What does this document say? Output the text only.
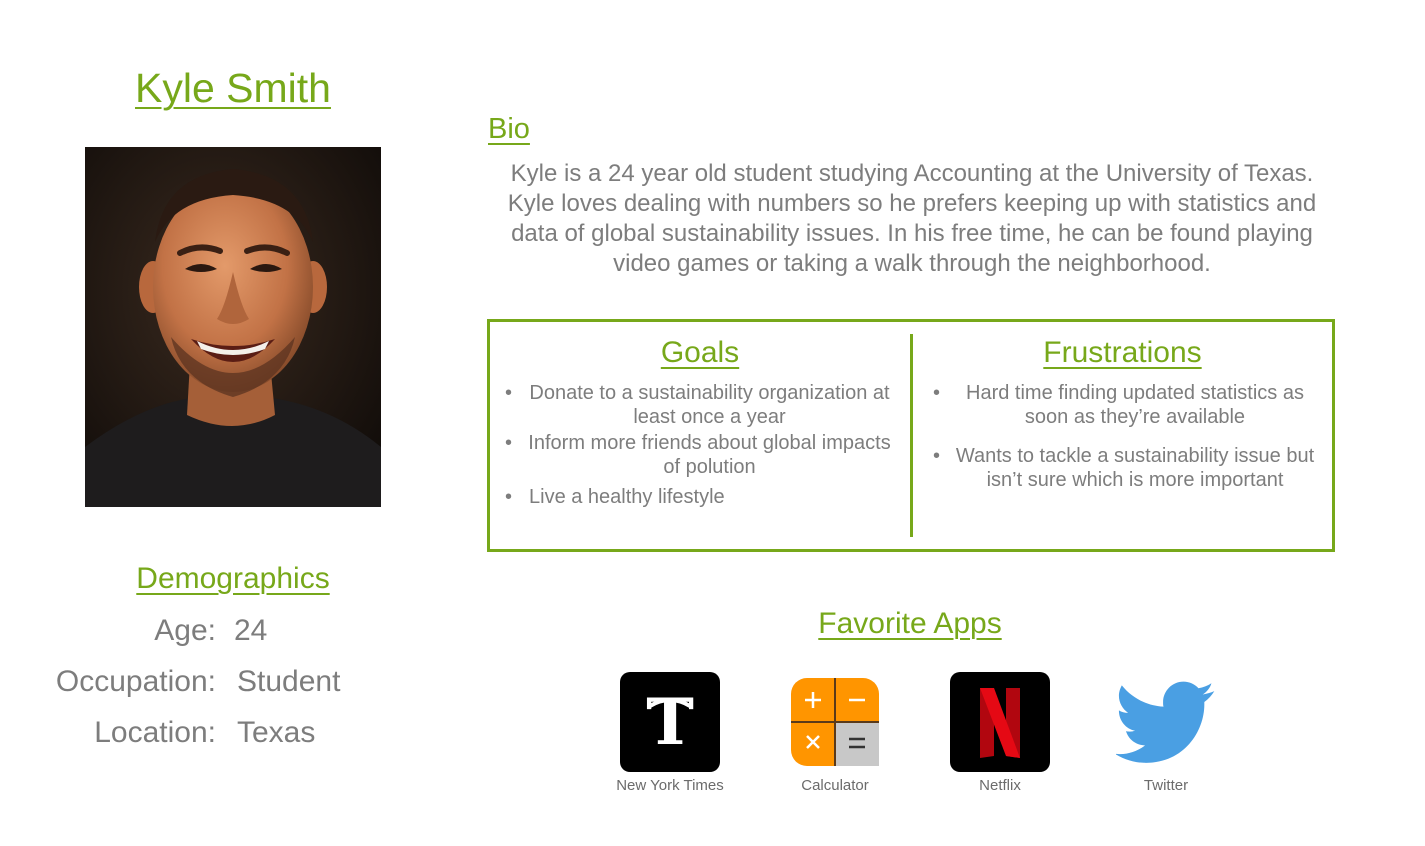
Kyle Smith
Demographics
Age: 24
Occupation: Student
Location: Texas
Bio
Kyle is a 24 year old student studying Accounting at the University of Texas. Kyle loves dealing with numbers so he prefers keeping up with statistics and data of global sustainability issues. In his free time, he can be found playing video games or taking a walk through the neighborhood.
Goals
• Donate to a sustainability organization at least once a year
• Inform more friends about global impacts of polution
• Live a healthy lifestyle
Frustrations
• Hard time finding updated statistics as soon as they’re available
• Wants to tackle a sustainability issue but isn’t sure which is more important
Favorite Apps
T
New York Times	Calculator	Netflix	Twitter
